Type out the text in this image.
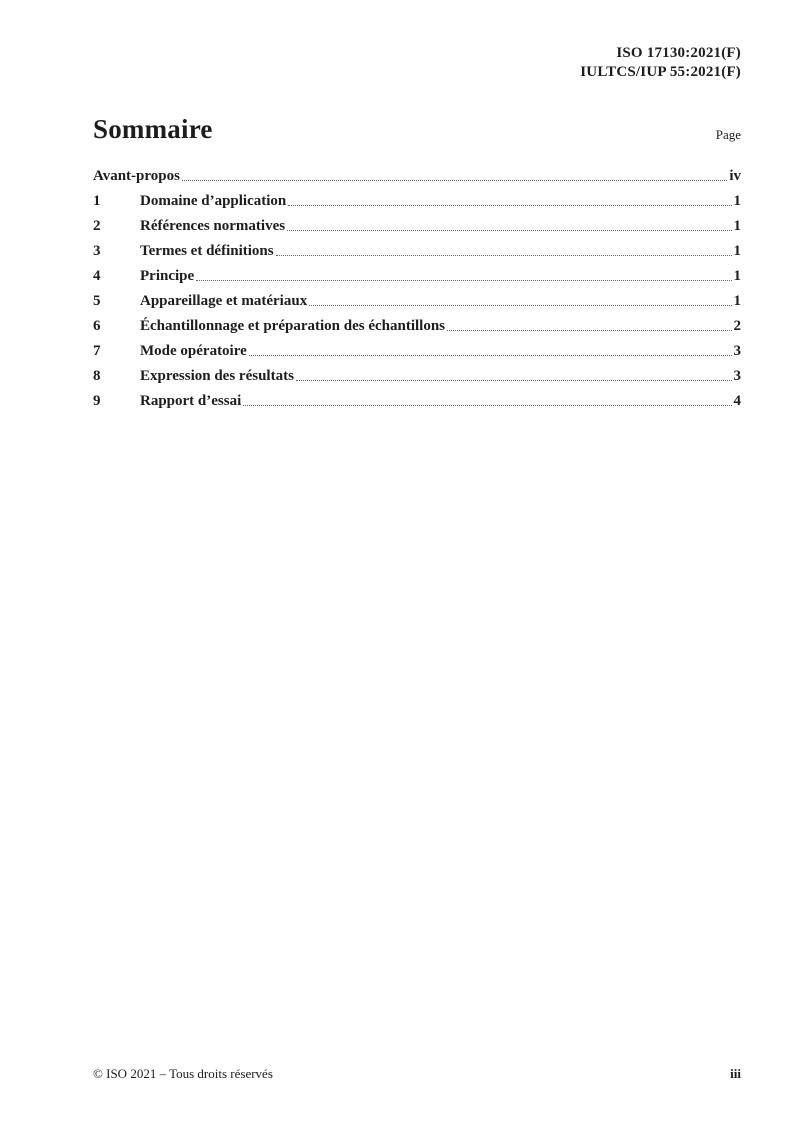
ISO 17130:2021(F)
IULTCS/IUP 55:2021(F)
Sommaire	Page
Avant-propos	iv
1	Domaine d’application	1
2	Références normatives	1
3	Termes et définitions	1
4	Principe	1
5	Appareillage et matériaux	1
6	Échantillonnage et préparation des échantillons	2
7	Mode opératoire	3
8	Expression des résultats	3
9	Rapport d’essai	4
© ISO 2021 – Tous droits réservés	iii
